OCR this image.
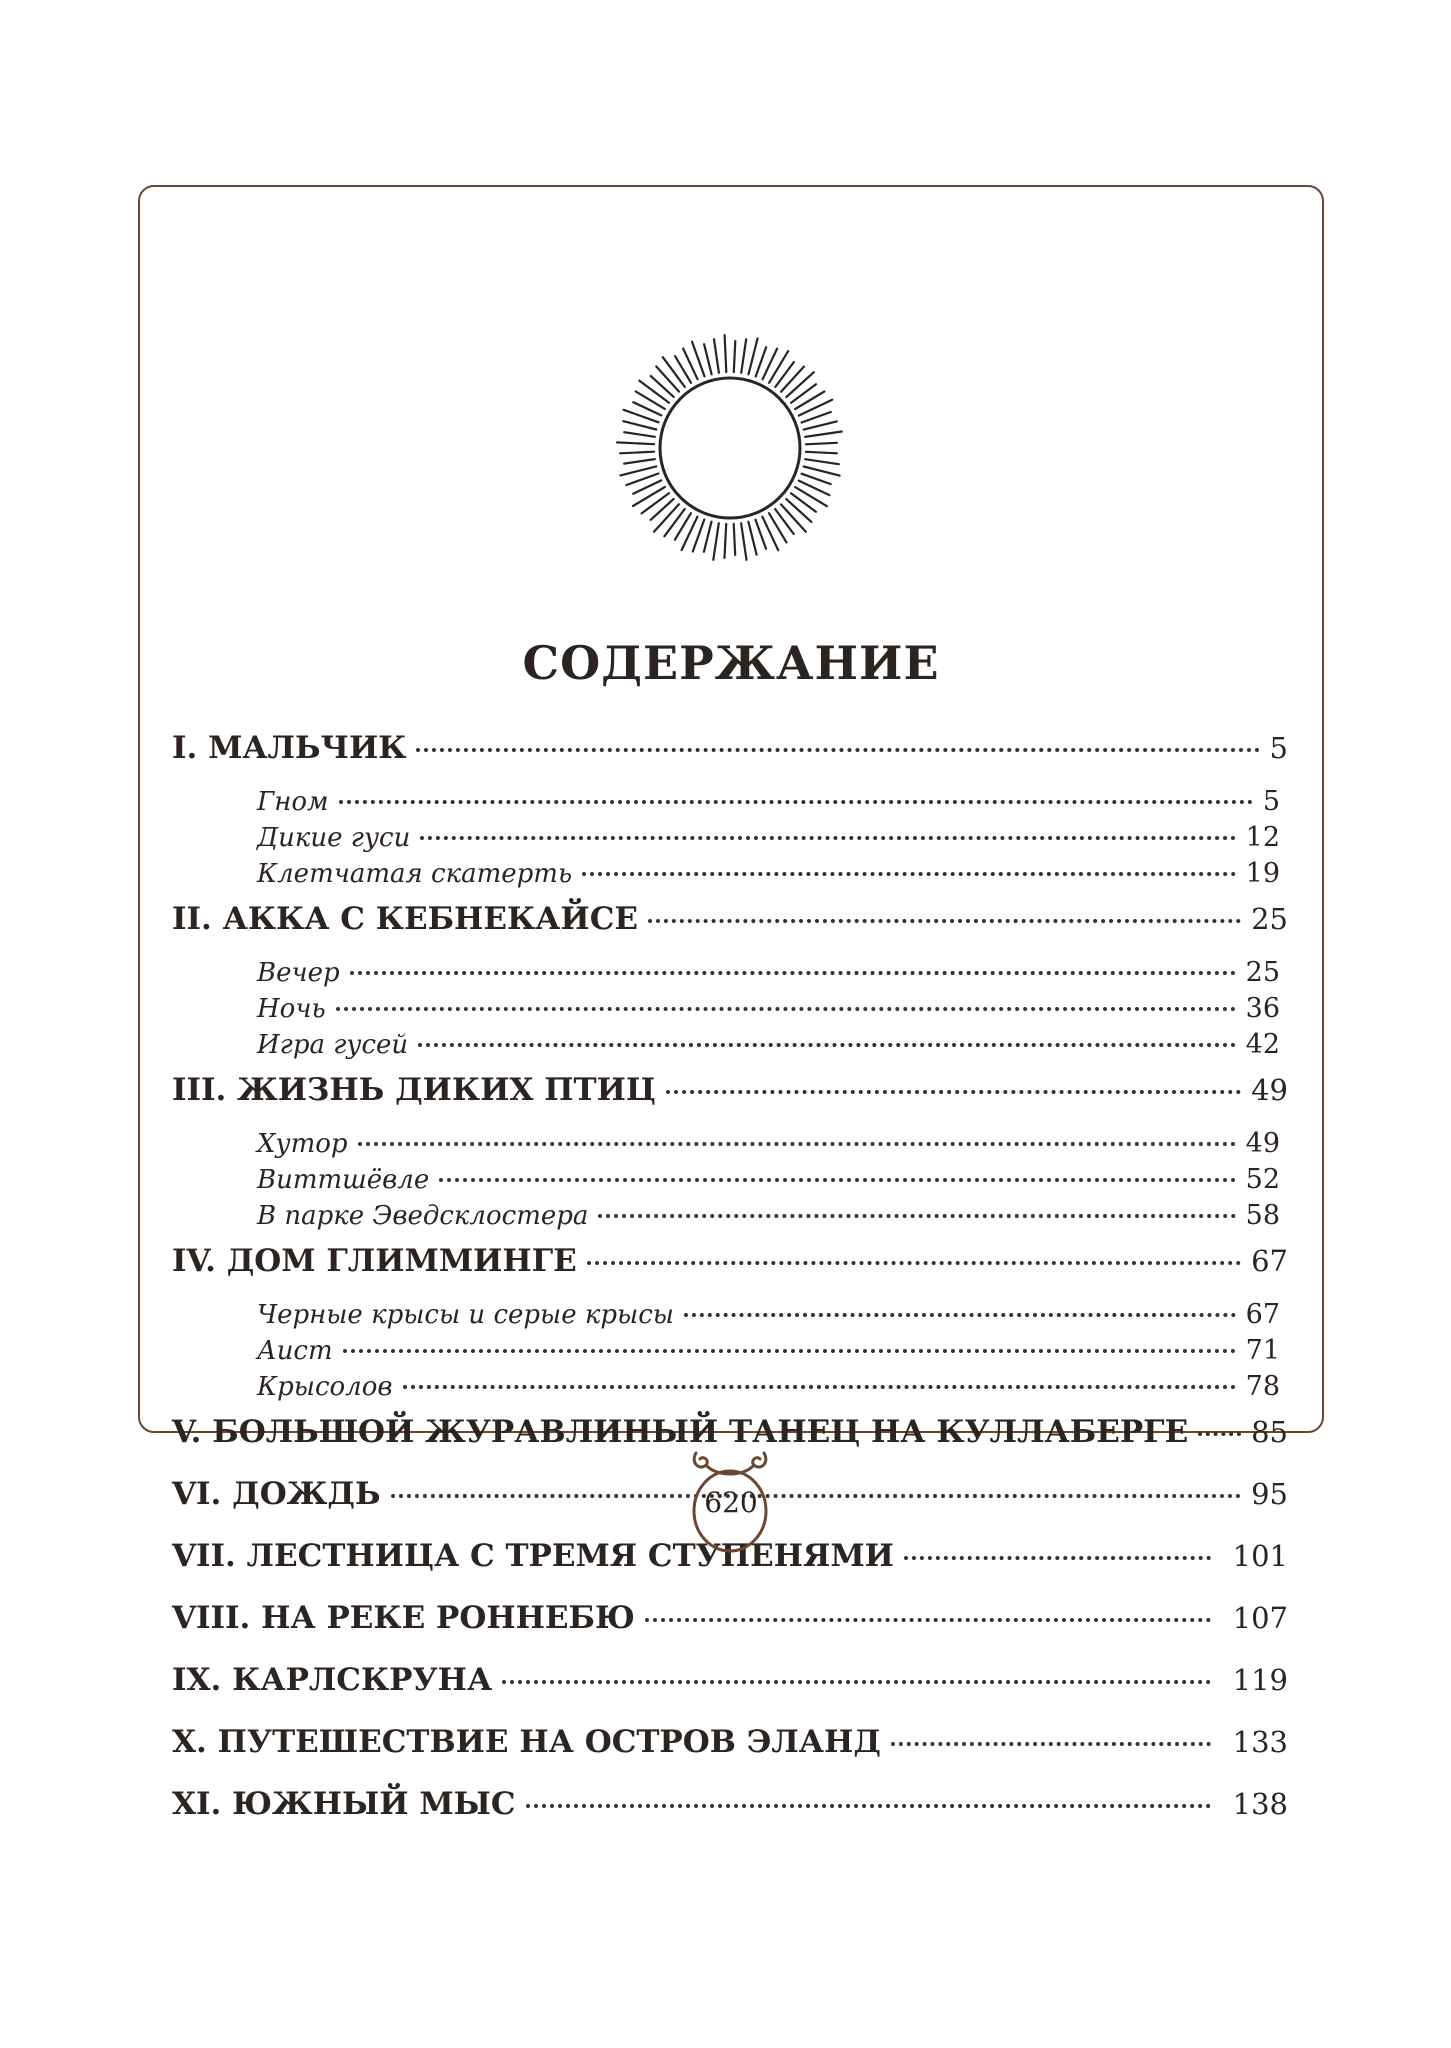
СОДЕРЖАНИЕ
I. МАЛЬЧИК	5
Гном	5
Дикие гуси	12
Клетчатая скатерть	19
II. АККА С КЕБНЕКАЙСЕ	25
Вечер	25
Ночь	36
Игра гусей	42
III. ЖИЗНЬ ДИКИХ ПТИЦ	49
Хутор	49
Виттшёвле	52
В парке Эведсклостера	58
IV. ДОМ ГЛИММИНГЕ	67
Черные крысы и серые крысы	67
Аист	71
Крысолов	78
V. БОЛЬШОЙ ЖУРАВЛИНЫЙ ТАНЕЦ НА КУЛЛАБЕРГЕ 85
VI. ДОЖДЬ	95
VII. ЛЕСТНИЦА С ТРЕМЯ СТУПЕНЯМИ	101
VIII. НА РЕКЕ РОННЕБЮ	107
IX. КАРЛСКРУНА	119
X. ПУТЕШЕСТВИЕ НА ОСТРОВ ЭЛАНД	133
XI. ЮЖНЫЙ МЫС	138
620
